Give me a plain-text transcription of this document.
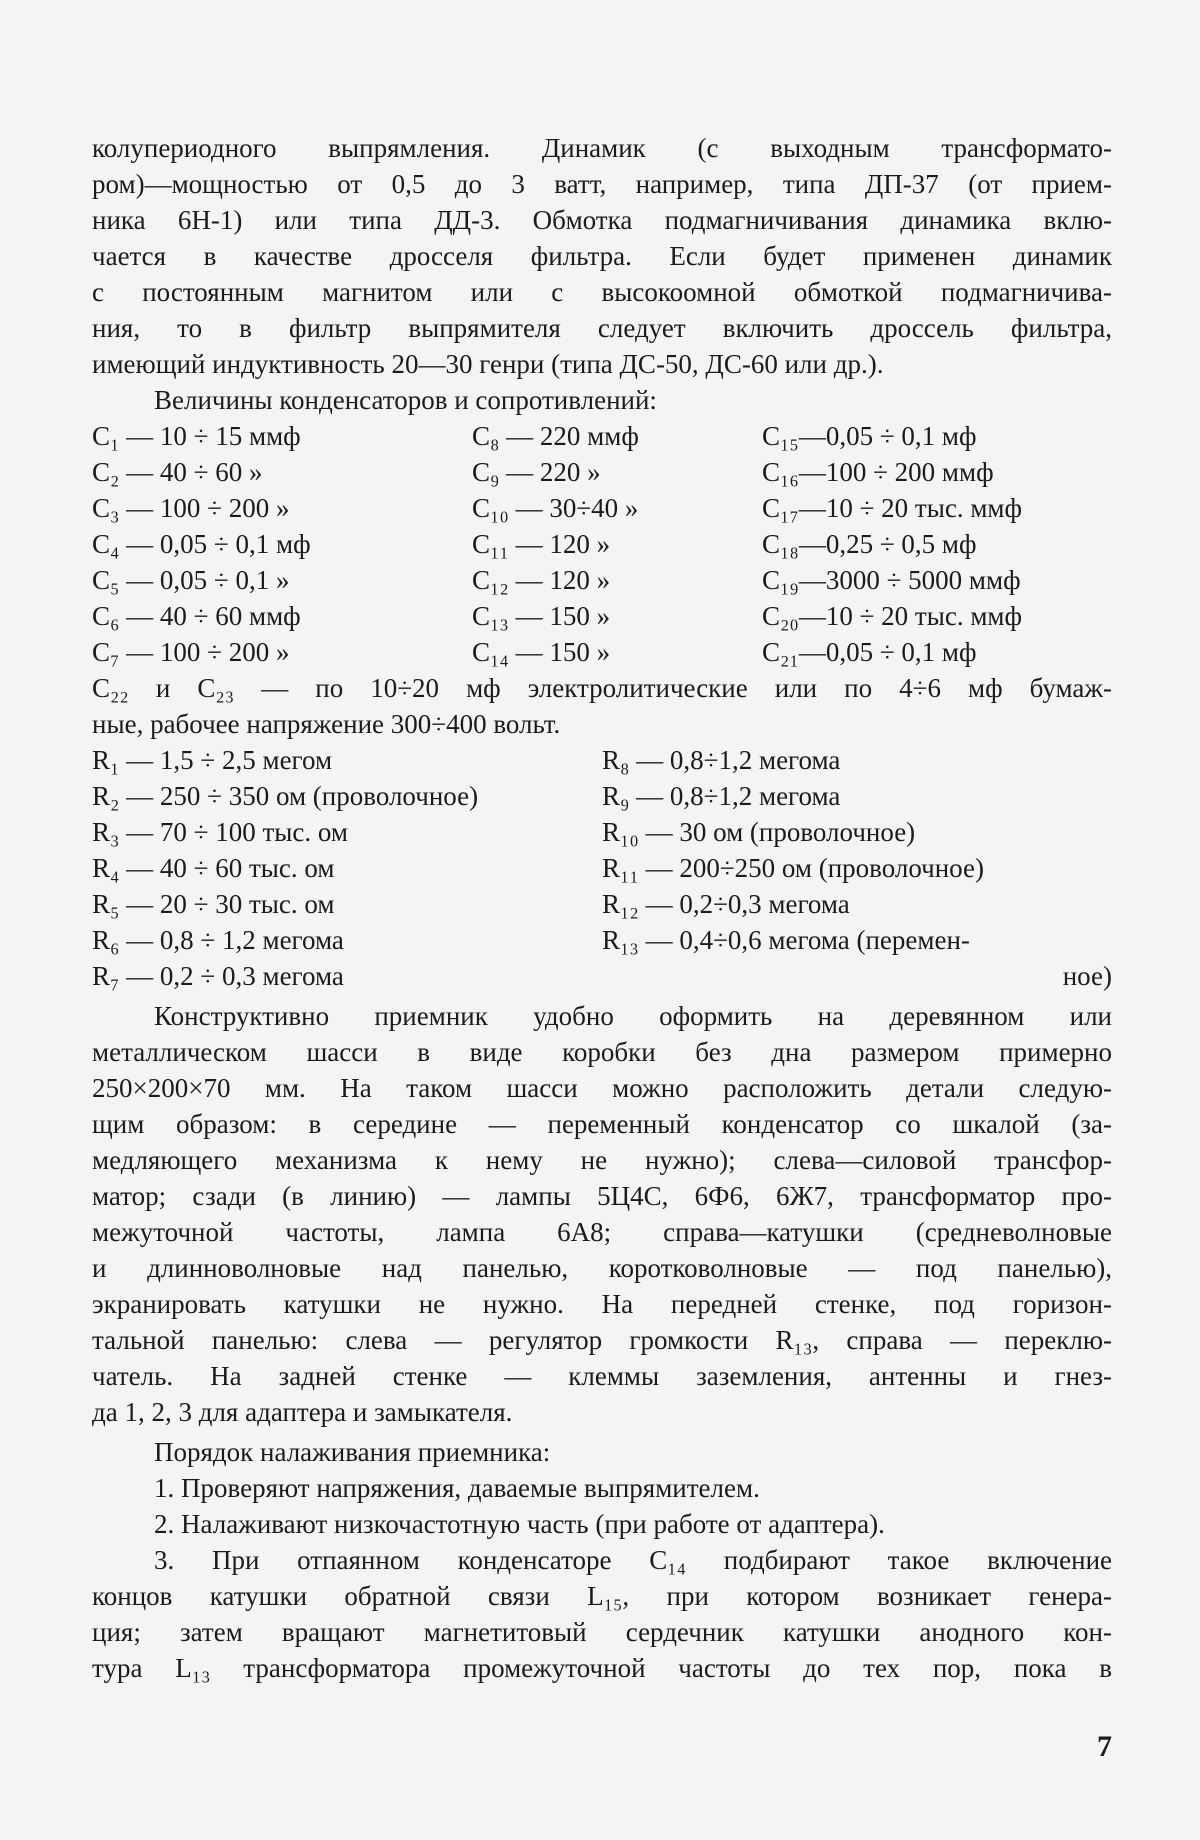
колупериодного выпрямления. Динамик (с выходным трансформато-

ром)—мощностью от 0,5 до 3 ватт, например, типа ДП-37 (от прием-

ника 6Н-1) или типа ДД-3. Обмотка подмагничивания динамика вклю-

чается в качестве дросселя фильтра. Если будет применен динамик

с постоянным магнитом или с высокоомной обмоткой подмагничива-

ния, то в фильтр выпрямителя следует включить дроссель фильтра,

имеющий индуктивность 20—30 генри (типа ДС-50, ДС-60 или др.).

Величины конденсаторов и сопротивлений:

C₁ — 10 ÷ 15 ммф	C₈ — 220 ммф	C₁₅—0,05 ÷ 0,1 мф
C₂ — 40 ÷ 60 »	C₉ — 220 »	C₁₆—100 ÷ 200 ммф
C₃ — 100 ÷ 200 »	C₁₀ — 30÷40 »	C₁₇—10 ÷ 20 тыс. ммф
C₄ — 0,05 ÷ 0,1 мф	C₁₁ — 120 »	C₁₈—0,25 ÷ 0,5 мф
C₅ — 0,05 ÷ 0,1 »	C₁₂ — 120 »	C₁₉—3000 ÷ 5000 ммф
C₆ — 40 ÷ 60 ммф	C₁₃ — 150 »	C₂₀—10 ÷ 20 тыс. ммф
C₇ — 100 ÷ 200 »	C₁₄ — 150 »	C₂₁—0,05 ÷ 0,1 мф

C₂₂ и C₂₃ — по 10÷20 мф электролитические или по 4÷6 мф бумаж-

ные, рабочее напряжение 300÷400 вольт.

R₁ — 1,5 ÷ 2,5 мегом	R₈ — 0,8÷1,2 мегома
R₂ — 250 ÷ 350 ом (проволочное)	R₉ — 0,8÷1,2 мегома
R₃ — 70 ÷ 100 тыс. ом	R₁₀ — 30 ом (проволочное)
R₄ — 40 ÷ 60 тыс. ом	R₁₁ — 200÷250 ом (проволочное)
R₅ — 20 ÷ 30 тыс. ом	R₁₂ — 0,2÷0,3 мегома
R₆ — 0,8 ÷ 1,2 мегома	R₁₃ — 0,4÷0,6 мегома (перемен-
R₇ — 0,2 ÷ 0,3 мегома	ное)

Конструктивно приемник удобно оформить на деревянном или

металлическом шасси в виде коробки без дна размером примерно

250×200×70 мм. На таком шасси можно расположить детали следую-

щим образом: в середине — переменный конденсатор со шкалой (за-

медляющего механизма к нему не нужно); слева—силовой трансфор-

матор; сзади (в линию) — лампы 5Ц4С, 6Ф6, 6Ж7, трансформатор про-

межуточной частоты, лампа 6А8; справа—катушки (средневолновые

и длинноволновые над панелью, коротковолновые — под панелью),

экранировать катушки не нужно. На передней стенке, под горизон-

тальной панелью: слева — регулятор громкости R₁₃, справа — переклю-

чатель. На задней стенке — клеммы заземления, антенны и гнез-

да 1, 2, 3 для адаптера и замыкателя.

Порядок налаживания приемника:

1. Проверяют напряжения, даваемые выпрямителем.

2. Налаживают низкочастотную часть (при работе от адаптера).

3. При отпаянном конденсаторе C₁₄ подбирают такое включение

концов катушки обратной связи L₁₅, при котором возникает генера-

ция; затем вращают магнетитовый сердечник катушки анодного кон-

тура L₁₃ трансформатора промежуточной частоты до тех пор, пока в

7
